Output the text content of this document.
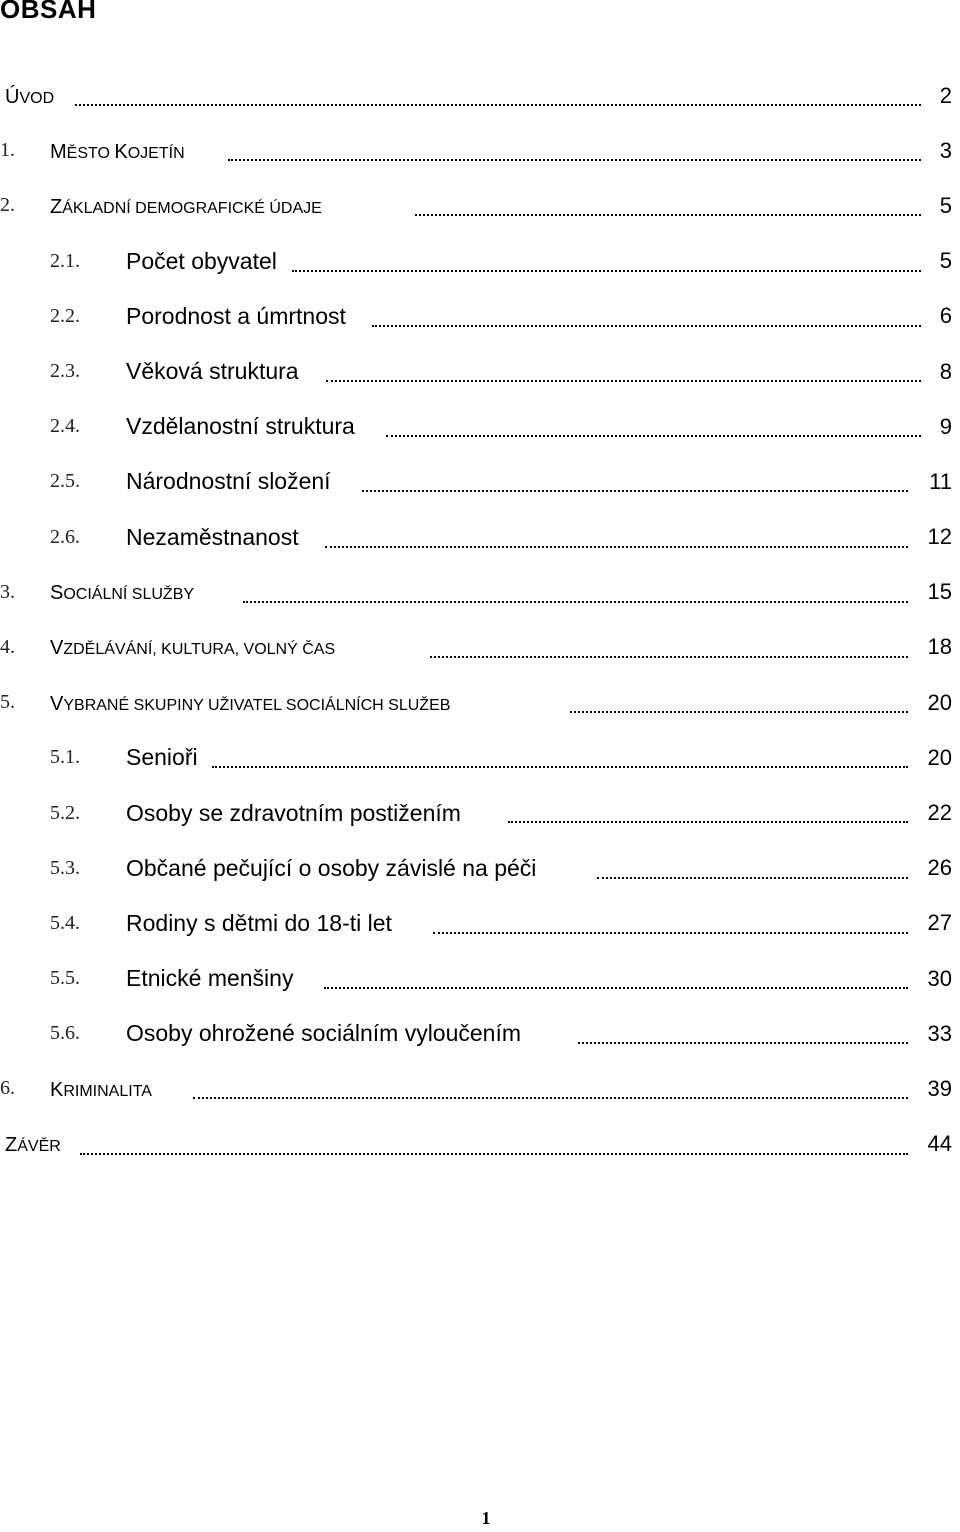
OBSAH
ÚVOD	2
1.	MĚSTO KOJETÍN	3
2.	ZÁKLADNÍ DEMOGRAFICKÉ ÚDAJE	5
2.1.	Počet obyvatel	5
2.2.	Porodnost a úmrtnost	6
2.3.	Věková struktura	8
2.4.	Vzdělanostní struktura	9
2.5.	Národnostní složení	11
2.6.	Nezaměstnanost	12
3.	SOCIÁLNÍ SLUŽBY	15
4.	VZDĚLÁVÁNÍ, KULTURA, VOLNÝ ČAS	18
5.	VYBRANÉ SKUPINY UŽIVATEL SOCIÁLNÍCH SLUŽEB	20
5.1.	Senioři	20
5.2.	Osoby se zdravotním postižením	22
5.3.	Občané pečující o osoby závislé na péči	26
5.4.	Rodiny s dětmi do 18-ti let	27
5.5.	Etnické menšiny	30
5.6.	Osoby ohrožené sociálním vyloučením	33
6.	KRIMINALITA	39
ZÁVĚR	44
1
